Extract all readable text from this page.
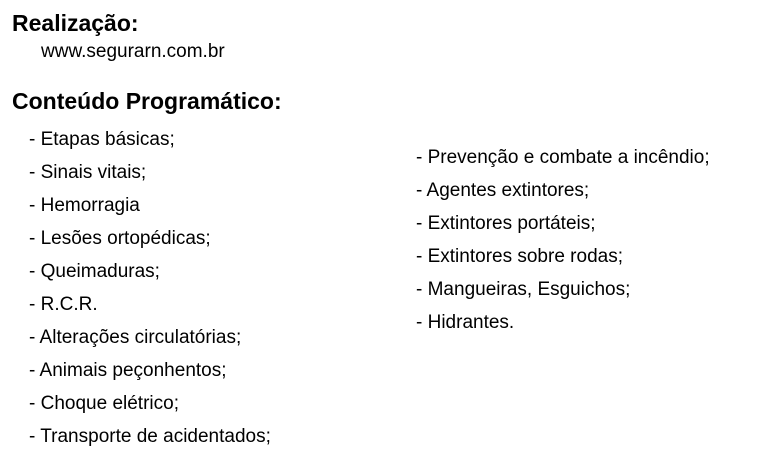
Realização:
www.segurarn.com.br
Conteúdo Programático:
- Etapas básicas;
- Sinais vitais;
- Hemorragia
- Lesões ortopédicas;
- Queimaduras;
- R.C.R.
- Alterações circulatórias;
- Animais peçonhentos;
- Choque elétrico;
- Transporte de acidentados;
- Prevenção e combate a incêndio;
- Agentes extintores;
- Extintores portáteis;
- Extintores sobre rodas;
- Mangueiras, Esguichos;
- Hidrantes.
